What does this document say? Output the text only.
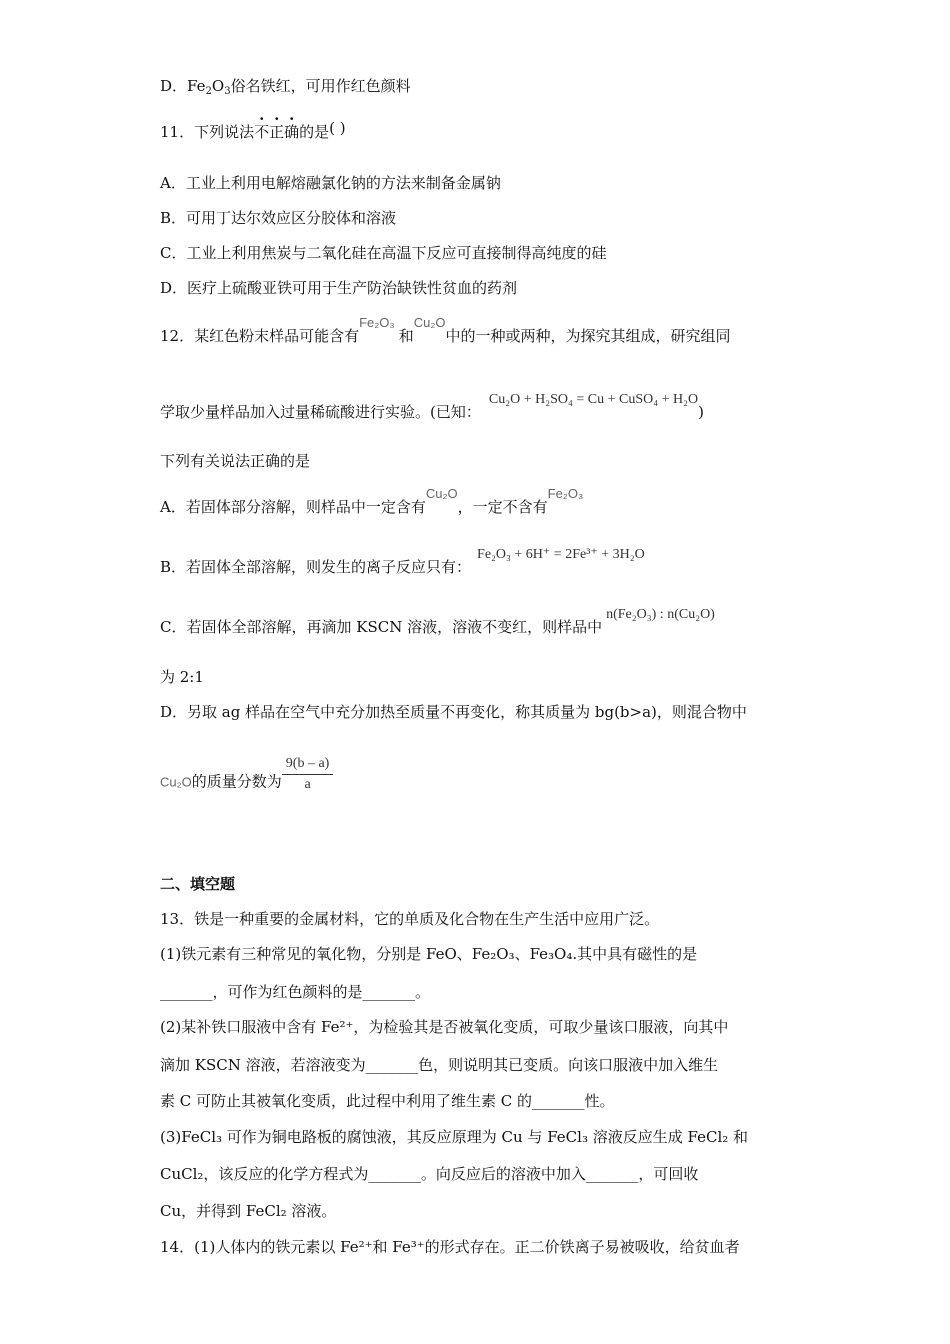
D．$Fe_2O_3$俗名铁红，可用作红色颜料
11．下列说法不正确的是( )
A．工业上利用电解熔融氯化钠的方法来制备金属钠
B．可用丁达尔效应区分胶体和溶液
C．工业上利用焦炭与二氧化硅在高温下反应可直接制得高纯度的硅
D．医疗上硫酸亚铁可用于生产防治缺铁性贫血的药剂
12．某红色粉末样品可能含有Fe₂O₃和Cu₂O中的一种或两种，为探究其组成，研究组同
学取少量样品加入过量稀硫酸进行实验。(已知：Cu₂O + H₂SO₄ = Cu + CuSO₄ + H₂O)
下列有关说法正确的是
A．若固体部分溶解，则样品中一定含有Cu₂O，一定不含有Fe₂O₃
B．若固体全部溶解，则发生的离子反应只有：Fe₂O₃ + 6H⁺ = 2Fe³⁺ + 3H₂O
C．若固体全部溶解，再滴加 KSCN 溶液，溶液不变红，则样品中n(Fe₂O₃) : n(Cu₂O)
为 2:1
D．另取 ag 样品在空气中充分加热至质量不再变化，称其质量为 bg(b>a)，则混合物中
Cu₂O的质量分数为 $\frac{9(b - a)}{a}$
二、填空题
13．铁是一种重要的金属材料，它的单质及化合物在生产生活中应用广泛。
(1)铁元素有三种常见的氧化物，分别是 FeO、Fe₂O₃、Fe₃O₄.其中具有磁性的是
_______，可作为红色颜料的是_______。
(2)某补铁口服液中含有 Fe²⁺，为检验其是否被氧化变质，可取少量该口服液，向其中
滴加 KSCN 溶液，若溶液变为_______色，则说明其已变质。向该口服液中加入维生
素 C 可防止其被氧化变质，此过程中利用了维生素 C 的_______性。
(3)FeCl₃ 可作为铜电路板的腐蚀液，其反应原理为 Cu 与 FeCl₃ 溶液反应生成 FeCl₂ 和
CuCl₂，该反应的化学方程式为_______。向反应后的溶液中加入_______，可回收
Cu，并得到 FeCl₂ 溶液。
14．(1)人体内的铁元素以 Fe²⁺和 Fe³⁺的形式存在。正二价铁离子易被吸收，给贫血者
